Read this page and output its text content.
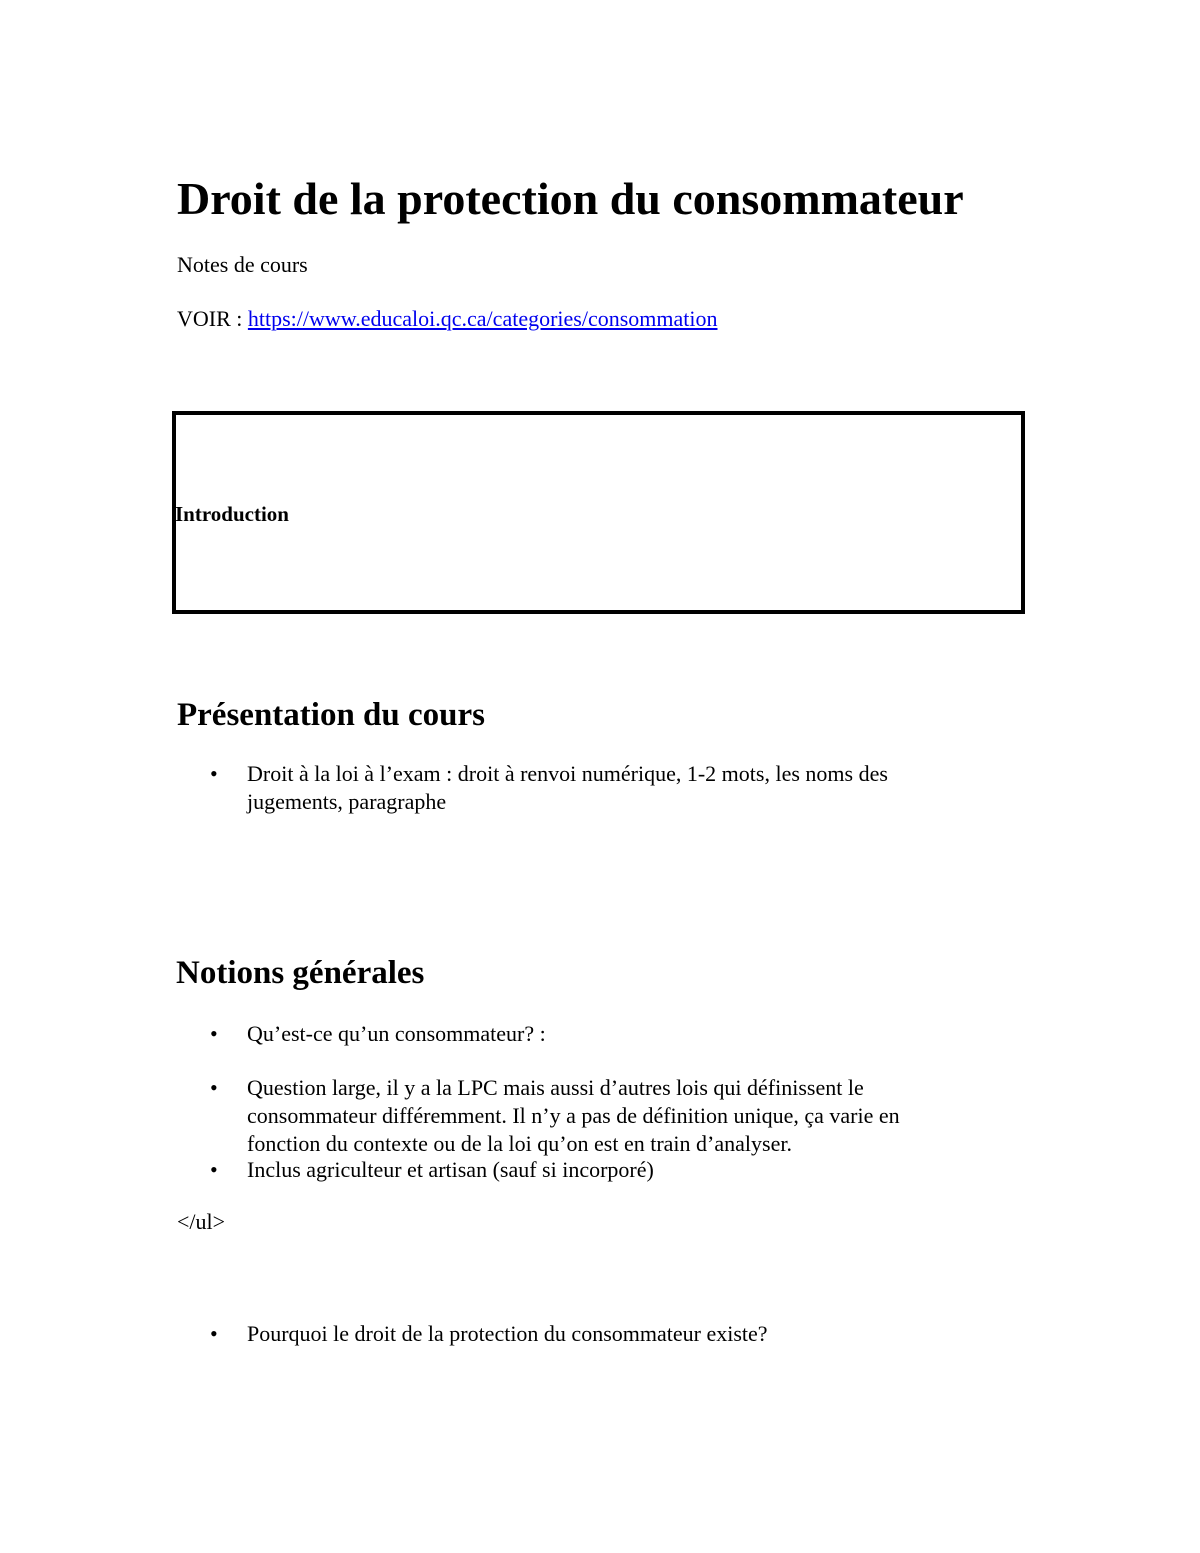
Droit de la protection du consommateur

Notes de cours

VOIR : https://www.educaloi.qc.ca/categories/consommation

Introduction

Présentation du cours
•	Droit à la loi à l’exam : droit à renvoi numérique, 1-2 mots, les noms des jugements, paragraphe
Notions générales
•	Qu’est-ce qu’un consommateur? :
•	Question large, il y a la LPC mais aussi d’autres lois qui définissent le consommateur différemment. Il n’y a pas de définition unique, ça varie en fonction du contexte ou de la loi qu’on est en train d’analyser.
•	Inclus agriculteur et artisan (sauf si incorporé)

</ul>

•	Pourquoi le droit de la protection du consommateur existe?
